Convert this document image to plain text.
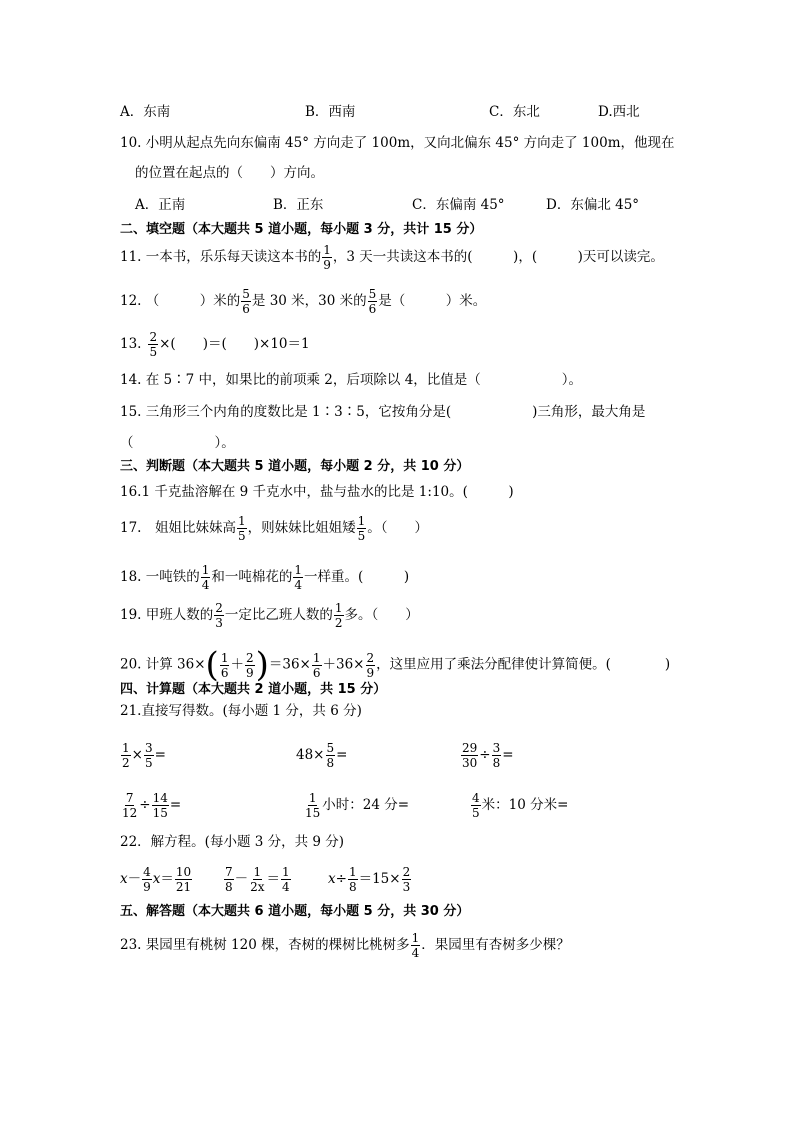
A．东南	B．西南	C．东北	D.西北
10. 小明从起点先向东偏南 45° 方向走了 100m，又向北偏东 45° 方向走了 100m，他现在
的位置在起点的（　　）方向。
A．正南	B．正东	C．东偏南 45°	D．东偏北 45°
二、填空题（本大题共 5 道小题，每小题 3 分，共计 15 分）
11. 一本书，乐乐每天读这本书的 $\frac{1}{9}$ ，3 天一共读这本书的(　　　)，(　　　)天可以读完。
12. （　　　）米的 $\frac{5}{6}$ 是 30 米，30 米的 $\frac{5}{6}$ 是（　　　）米。
13. $\frac{2}{5}$ ×(　　)＝(　　)×10＝1
14. 在 5∶7 中，如果比的前项乘 2，后项除以 4，比值是（　　　　　　）。
15. 三角形三个内角的度数比是 1∶3∶5，它按角分是(　　　　　　)三角形，最大角是
（　　　　　　）。
三、判断题（本大题共 5 道小题，每小题 2 分，共 10 分）
16.1 千克盐溶解在 9 千克水中，盐与盐水的比是 1:10。(　　　)
17.　姐姐比妹妹高 $\frac{1}{5}$ ，则妹妹比姐姐矮 $\frac{1}{5}$ 。（　　）
18. 一吨铁的 $\frac{1}{4}$ 和一吨棉花的 $\frac{1}{4}$ 一样重。(　　　)
19. 甲班人数的 $\frac{2}{3}$ 一定比乙班人数的 $\frac{1}{2}$ 多。（　　）
20. 计算 $36\times( \frac{1}{6} + \frac{2}{9} )=36\times \frac{1}{6} +36\times \frac{2}{9}$ ，这里应用了乘法分配律使计算简便。(　　　　)
四、计算题（本大题共 2 道小题，共 15 分）
21.直接写得数。(每小题 1 分，共 6 分)
$\frac{1}{2} \times \frac{3}{5}$ =	$48\times \frac{5}{8}$ =	$\frac{29}{30} \div \frac{3}{8}$ =
$\frac{7}{12} \div \frac{14}{15}$ =	$\frac{1}{15}$ 小时：24 分=	$\frac{4}{5}$ 米：10 分米=
22．解方程。(每小题 3 分，共 9 分)
$x- \frac{4}{9} x= \frac{10}{21}$	$\frac{7}{8} - \frac{1}{2x} = \frac{1}{4}$	$x\div \frac{1}{8} =15\times \frac{2}{3}$
五、解答题（本大题共 6 道小题，每小题 5 分，共 30 分）
23. 果园里有桃树 120 棵，杏树的棵树比桃树多 $\frac{1}{4}$ ．果园里有杏树多少棵？
